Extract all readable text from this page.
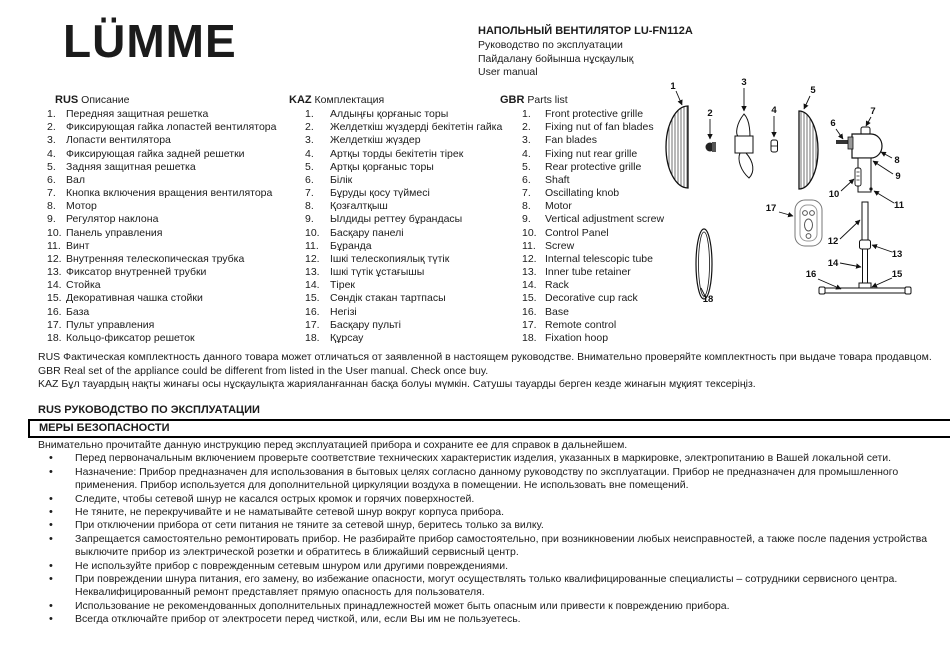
LÜMME	НАПОЛЬНЫЙ ВЕНТИЛЯТОР LU-FN112A
Руководство по эксплуатации
Пайдалану бойынша нұсқаулық
User manual
RUS Описание
1. Передняя защитная решетка
2. Фиксирующая гайка лопастей вентилятора
3. Лопасти вентилятора
4. Фиксирующая гайка задней решетки
5. Задняя защитная решетка
6. Вал
7. Кнопка включения вращения вентилятора
8. Мотор
9. Регулятор наклона
10. Панель управления
11. Винт
12. Внутренняя телескопическая трубка
13. Фиксатор внутренней трубки
14. Стойка
15. Декоративная чашка стойки
16. База
17. Пульт управления
18. Кольцо-фиксатор решеток
KAZ Комплектация
1.	Алдыңғы қорғаныс торы
2.	Желдеткіш жүздерді бекітетін гайка
3.	Желдеткіш жүздер
4.	Артқы торды бекітетін тірек
5.	Артқы қорғаныс торы
6.	Білік
7.	Бұруды қосу түймесі
8.	Қозғалтқыш
9.	Ылдиды реттеу бұрандасы
10. Басқару панелі
11.	Бұранда
12. Ішкі телескопиялық түтік
13. Ішкі түтік ұстағышы
14. Тірек
15. Сөндік стакан тартпасы
16. Негізі
17. Басқару пульті
18. Құрсау
GBR Parts list
1.	Front protective grille
2.	Fixing nut of fan blades
3.	Fan blades
4.	Fixing nut rear grille
5.	Rear protective grille
6.	Shaft
7.	Oscillating knob
8.	Motor
9.	Vertical adjustment screw
10. Control Panel
11. Screw
12. Internal telescopic tube
13. Inner tube retainer
14. Rack
15. Decorative cup rack
16. Base
17. Remote control
18. Fixation hoop
RUS Фактическая комплектность данного товара может отличаться от заявленной в настоящем руководстве. Внимательно проверяйте комплектность при выдаче товара продавцом.
GBR Real set of the appliance could be different from listed in the User manual. Check once buy.
KAZ Бұл тауардың нақты жинағы осы нұсқаулықта жарияланғаннан басқа болуы мүмкін. Сатушы тауарды берген кезде жинағын мұқият тексеріңіз.
RUS РУКОВОДСТВО ПО ЭКСПЛУАТАЦИИ
МЕРЫ БЕЗОПАСНОСТИ
Внимательно прочитайте данную инструкцию перед эксплуатацией прибора и сохраните ее для справок в дальнейшем.
• Перед первоначальным включением проверьте соответствие технических характеристик изделия, указанных в маркировке, электропитанию в Вашей локальной сети.
• Назначение: Прибор предназначен для использования в бытовых целях согласно данному руководству по эксплуатации. Прибор не предназначен для промышленного применения. Прибор используется для дополнительной циркуляции воздуха в помещении. Не использовать вне помещений.
• Следите, чтобы сетевой шнур не касался острых кромок и горячих поверхностей.
• Не тяните, не перекручивайте и не наматывайте сетевой шнур вокруг корпуса прибора.
• При отключении прибора от сети питания не тяните за сетевой шнур, беритесь только за вилку.
• Запрещается самостоятельно ремонтировать прибор. Не разбирайте прибор самостоятельно, при возникновении любых неисправностей, а также после падения устройства выключите прибор из электрической розетки и обратитесь в ближайший сервисный центр.
• Не используйте прибор с поврежденным сетевым шнуром или другими повреждениями.
• При повреждении шнура питания, его замену, во избежание опасности, могут осуществлять только квалифицированные специалисты – сотрудники сервисного центра. Неквалифицированный ремонт представляет прямую опасность для пользователя.
• Использование не рекомендованных дополнительных принадлежностей может быть опасным или привести к повреждению прибора.
• Всегда отключайте прибор от электросети перед чисткой, или, если Вы им не пользуетесь.
1
2
3
4
5
6
7
8
9
10
11
12
13
14
15
16
17
18
